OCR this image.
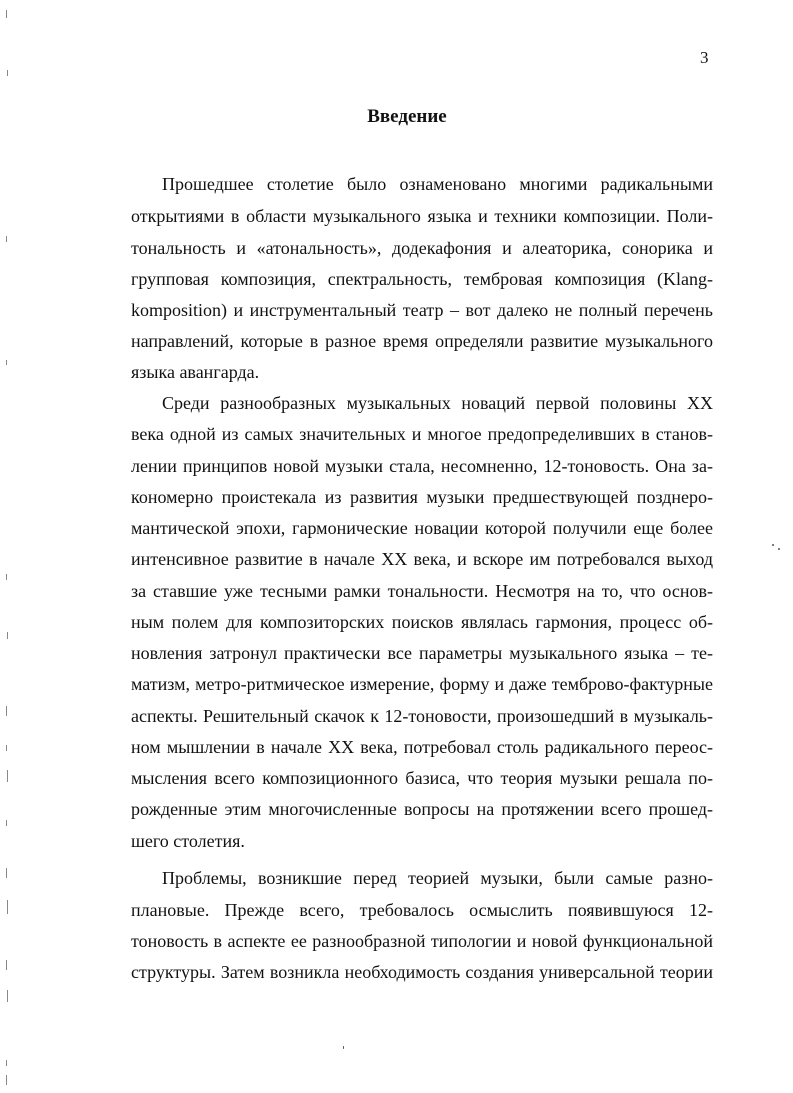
3
Введение
Прошедшее столетие было ознаменовано многими радикальными
открытиями в области музыкального языка и техники композиции. Поли-
тональность и «атональность», додекафония и алеаторика, сонорика и
групповая композиция, спектральность, тембровая композиция (Klang-
komposition) и инструментальный театр – вот далеко не полный перечень
направлений, которые в разное время определяли развитие музыкального
языка авангарда.
Среди разнообразных музыкальных новаций первой половины XX
века одной из самых значительных и многое предопределивших в станов-
лении принципов новой музыки стала, несомненно, 12-тоновость. Она за-
кономерно проистекала из развития музыки предшествующей позднеро-
мантической эпохи, гармонические новации которой получили еще более
интенсивное развитие в начале XX века, и вскоре им потребовался выход
за ставшие уже тесными рамки тональности. Несмотря на то, что основ-
ным полем для композиторских поисков являлась гармония, процесс об-
новления затронул практически все параметры музыкального языка – те-
матизм, метро-ритмическое измерение, форму и даже темброво-фактурные
аспекты. Решительный скачок к 12-тоновости, произошедший в музыкаль-
ном мышлении в начале XX века, потребовал столь радикального переос-
мысления всего композиционного базиса, что теория музыки решала по-
рожденные этим многочисленные вопросы на протяжении всего прошед-
шего столетия.
Проблемы, возникшие перед теорией музыки, были самые разно-
плановые. Прежде всего, требовалось осмыслить появившуюся 12-
тоновость в аспекте ее разнообразной типологии и новой функциональной
структуры. Затем возникла необходимость создания универсальной теории
